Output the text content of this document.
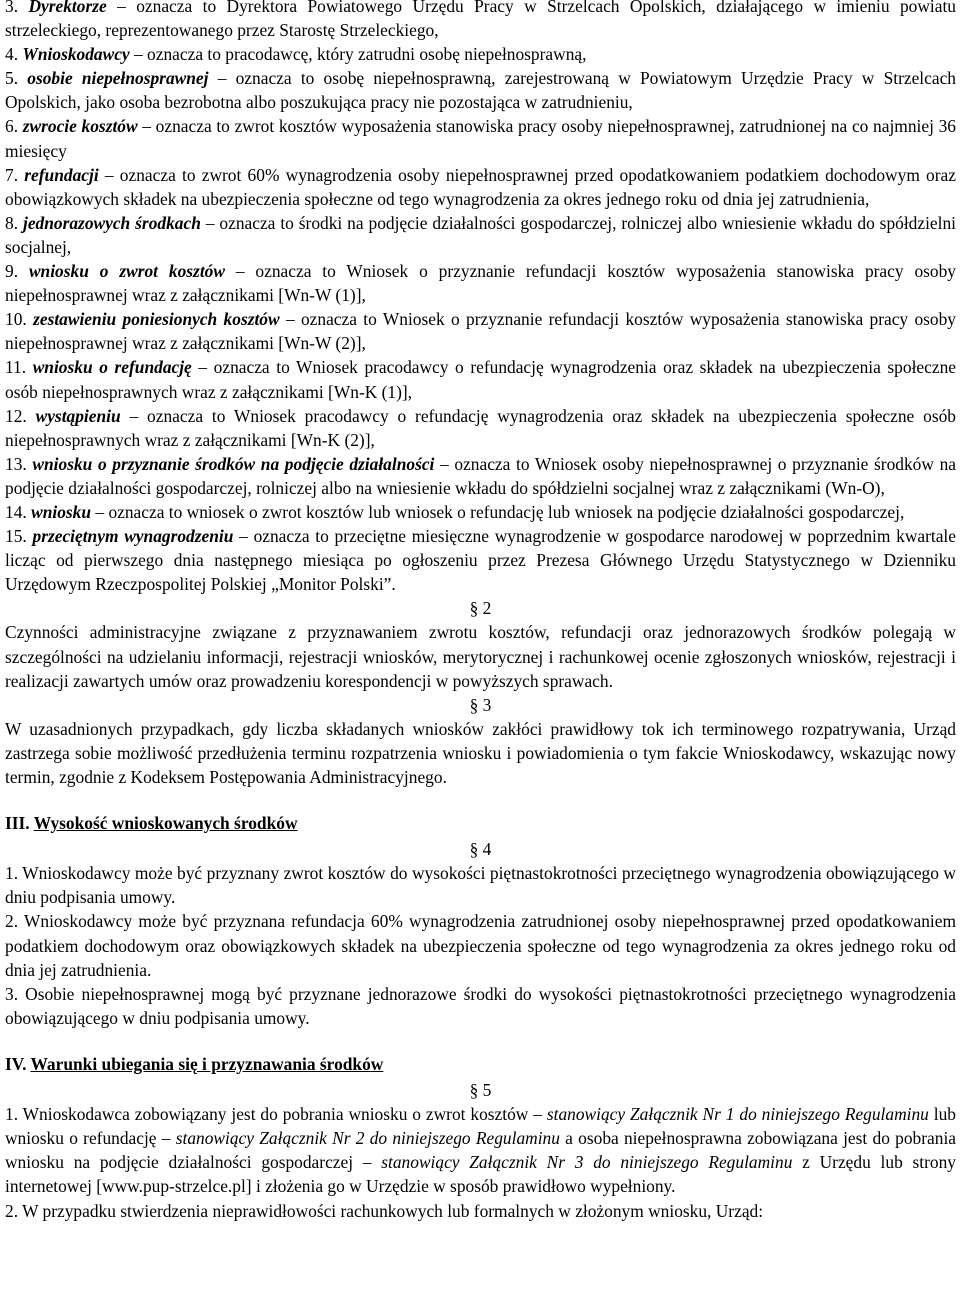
3. Dyrektorze – oznacza to Dyrektora Powiatowego Urzędu Pracy w Strzelcach Opolskich, działającego w imieniu powiatu strzeleckiego, reprezentowanego przez Starostę Strzeleckiego,

4. Wnioskodawcy – oznacza to pracodawcę, który zatrudni osobę niepełnosprawną,

5. osobie niepełnosprawnej – oznacza to osobę niepełnosprawną, zarejestrowaną w Powiatowym Urzędzie Pracy w Strzelcach Opolskich, jako osoba bezrobotna albo poszukująca pracy nie pozostająca w zatrudnieniu,

6. zwrocie kosztów – oznacza to zwrot kosztów wyposażenia stanowiska pracy osoby niepełnosprawnej, zatrudnionej na co najmniej 36 miesięcy

7. refundacji – oznacza to zwrot 60% wynagrodzenia osoby niepełnosprawnej przed opodatkowaniem podatkiem dochodowym oraz obowiązkowych składek na ubezpieczenia społeczne od tego wynagrodzenia za okres jednego roku od dnia jej zatrudnienia,

8. jednorazowych środkach – oznacza to środki na podjęcie działalności gospodarczej, rolniczej albo wniesienie wkładu do spółdzielni socjalnej,

9. wniosku o zwrot kosztów – oznacza to Wniosek o przyznanie refundacji kosztów wyposażenia stanowiska pracy osoby niepełnosprawnej wraz z załącznikami [Wn-W (1)],

10. zestawieniu poniesionych kosztów – oznacza to Wniosek o przyznanie refundacji kosztów wyposażenia stanowiska pracy osoby niepełnosprawnej wraz z załącznikami [Wn-W (2)],

11. wniosku o refundację – oznacza to Wniosek pracodawcy o refundację wynagrodzenia oraz składek na ubezpieczenia społeczne osób niepełnosprawnych wraz z załącznikami [Wn-K (1)],

12. wystąpieniu – oznacza to Wniosek pracodawcy o refundację wynagrodzenia oraz składek na ubezpieczenia społeczne osób niepełnosprawnych wraz z załącznikami [Wn-K (2)],

13. wniosku o przyznanie środków na podjęcie działalności – oznacza to Wniosek osoby niepełnosprawnej o przyznanie środków na podjęcie działalności gospodarczej, rolniczej albo na wniesienie wkładu do spółdzielni socjalnej wraz z załącznikami (Wn-O),

14. wniosku – oznacza to wniosek o zwrot kosztów lub wniosek o refundację lub wniosek na podjęcie działalności gospodarczej,

15. przeciętnym wynagrodzeniu – oznacza to przeciętne miesięczne wynagrodzenie w gospodarce narodowej w poprzednim kwartale licząc od pierwszego dnia następnego miesiąca po ogłoszeniu przez Prezesa Głównego Urzędu Statystycznego w Dzienniku Urzędowym Rzeczpospolitej Polskiej „Monitor Polski”.

§ 2

Czynności administracyjne związane z przyznawaniem zwrotu kosztów, refundacji oraz jednorazowych środków polegają w szczególności na udzielaniu informacji, rejestracji wniosków, merytorycznej i rachunkowej ocenie zgłoszonych wniosków, rejestracji i realizacji zawartych umów oraz prowadzeniu korespondencji w powyższych sprawach.

§ 3

W uzasadnionych przypadkach, gdy liczba składanych wniosków zakłóci prawidłowy tok ich terminowego rozpatrywania, Urząd zastrzega sobie możliwość przedłużenia terminu rozpatrzenia wniosku i powiadomienia o tym fakcie Wnioskodawcy, wskazując nowy termin, zgodnie z Kodeksem Postępowania Administracyjnego.

III. Wysokość wnioskowanych środków

§ 4

1. Wnioskodawcy może być przyznany zwrot kosztów do wysokości piętnastokrotności przeciętnego wynagrodzenia obowiązującego w dniu podpisania umowy.

2. Wnioskodawcy może być przyznana refundacja 60% wynagrodzenia zatrudnionej osoby niepełnosprawnej przed opodatkowaniem podatkiem dochodowym oraz obowiązkowych składek na ubezpieczenia społeczne od tego wynagrodzenia za okres jednego roku od dnia jej zatrudnienia.

3. Osobie niepełnosprawnej mogą być przyznane jednorazowe środki do wysokości piętnastokrotności przeciętnego wynagrodzenia obowiązującego w dniu podpisania umowy.

IV. Warunki ubiegania się i przyznawania środków

§ 5

1. Wnioskodawca zobowiązany jest do pobrania wniosku o zwrot kosztów – stanowiący Załącznik Nr 1 do niniejszego Regulaminu lub wniosku o refundację – stanowiący Załącznik Nr 2 do niniejszego Regulaminu a osoba niepełnosprawna zobowiązana jest do pobrania wniosku na podjęcie działalności gospodarczej – stanowiący Załącznik Nr 3 do niniejszego Regulaminu z Urzędu lub strony internetowej [www.pup-strzelce.pl] i złożenia go w Urzędzie w sposób prawidłowo wypełniony.

2. W przypadku stwierdzenia nieprawidłowości rachunkowych lub formalnych w złożonym wniosku, Urząd:
